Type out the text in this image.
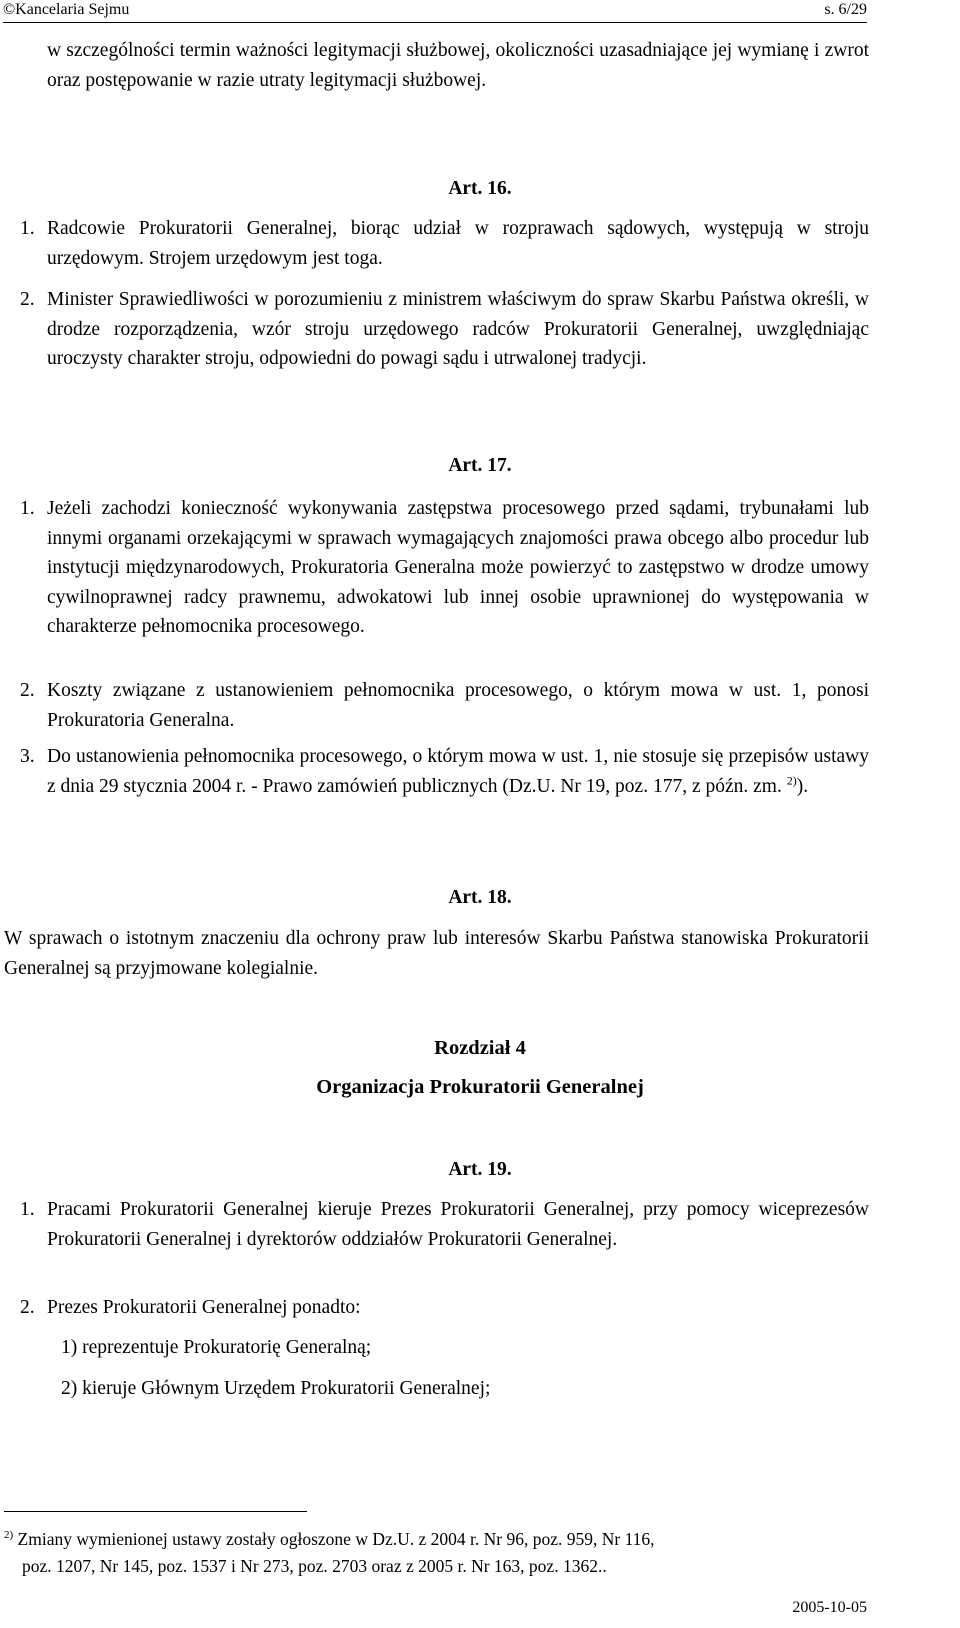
©Kancelaria Sejmu	s. 6/29
w szczególności termin ważności legitymacji służbowej, okoliczności uzasadniające jej wymianę i zwrot oraz postępowanie w razie utraty legitymacji służbowej.
Art. 16.
1. Radcowie Prokuratorii Generalnej, biorąc udział w rozprawach sądowych, występują w stroju urzędowym. Strojem urzędowym jest toga.
2. Minister Sprawiedliwości w porozumieniu z ministrem właściwym do spraw Skarbu Państwa określi, w drodze rozporządzenia, wzór stroju urzędowego radców Prokuratorii Generalnej, uwzględniając uroczysty charakter stroju, odpowiedni do powagi sądu i utrwalonej tradycji.
Art. 17.
1. Jeżeli zachodzi konieczność wykonywania zastępstwa procesowego przed sądami, trybunałami lub innymi organami orzekającymi w sprawach wymagających znajomości prawa obcego albo procedur lub instytucji międzynarodowych, Prokuratoria Generalna może powierzyć to zastępstwo w drodze umowy cywilnoprawnej radcy prawnemu, adwokatowi lub innej osobie uprawnionej do występowania w charakterze pełnomocnika procesowego.
2. Koszty związane z ustanowieniem pełnomocnika procesowego, o którym mowa w ust. 1, ponosi Prokuratoria Generalna.
3. Do ustanowienia pełnomocnika procesowego, o którym mowa w ust. 1, nie stosuje się przepisów ustawy z dnia 29 stycznia 2004 r. - Prawo zamówień publicznych (Dz.U. Nr 19, poz. 177, z późn. zm. $^{2)}$).
Art. 18.
W sprawach o istotnym znaczeniu dla ochrony praw lub interesów Skarbu Państwa stanowiska Prokuratorii Generalnej są przyjmowane kolegialnie.
Rozdział 4
Organizacja Prokuratorii Generalnej
Art. 19.
1. Pracami Prokuratorii Generalnej kieruje Prezes Prokuratorii Generalnej, przy pomocy wiceprezesów Prokuratorii Generalnej i dyrektorów oddziałów Prokuratorii Generalnej.
2. Prezes Prokuratorii Generalnej ponadto:
1) reprezentuje Prokuratorię Generalną;
2) kieruje Głównym Urzędem Prokuratorii Generalnej;
$^{2)}$ Zmiany wymienionej ustawy zostały ogłoszone w Dz.U. z 2004 r. Nr 96, poz. 959, Nr 116,
poz. 1207, Nr 145, poz. 1537 i Nr 273, poz. 2703 oraz z 2005 r. Nr 163, poz. 1362..
2005-10-05
